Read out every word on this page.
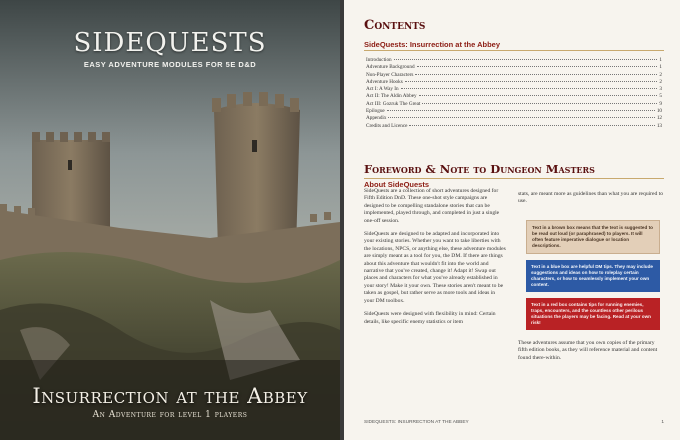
SIDEQUESTS
EASY ADVENTURE MODULES FOR 5E D&D
Insurrection at the Abbey
An Adventure for level 1 players
Contents
SideQuests: Insurrection at the Abbey
Introduction	1
Adventure Background	1
Non-Player Characters	2
Adventure Hooks	2
Act I: A Way In	3
Act II: The Aldin Abbey	5
Act III: Gozruk The Great	9
Epilogue	10
Appendix	12
Credits and Licence	13
Foreword & Note to Dungeon Masters
About SideQuests

SideQuests are a collection of short adventures designed for Fifth Edition DnD. These one-shot style campaigns are designed to be compelling standalone stories that can be implemented, played through, and completed in just a single one-off session.

SideQuests are designed to be adapted and incorporated into your existing stories. Whether you want to take liberties with the locations, NPCS, or anything else, these adventure modules are simply meant as a tool for you, the DM. If there are things about this adventure that wouldn't fit into the world and narrative that you've created, change it! Adapt it! Swap out places and characters for what you've already established in your story! Make it your own. These stories aren't meant to be taken as gospel, but rather serve as more tools and ideas in your DM toolbox.

SideQuests were designed with flexibility in mind: Certain details, like specific enemy statistics or item

stats, are meant more as guidelines than what you are required to use.

Text in a brown box means that the text is suggested to be read out loud (or paraphrased) to players. It will often feature imperative dialogue or location descriptions.
Text in a blue box are helpful DM tips. They may include suggestions and ideas on how to roleplay certain characters, or how to seamlessly implement your own content.
Text in a red box contains tips for running enemies, traps, encounters, and the countless other perilous situations the players may be facing. Read at your own risk!

These adventures assume that you own copies of the primary fifth edition books, as they will reference material and content found there-within.

SIDEQUESTS: INSURRECTION AT THE ABBEY	1
